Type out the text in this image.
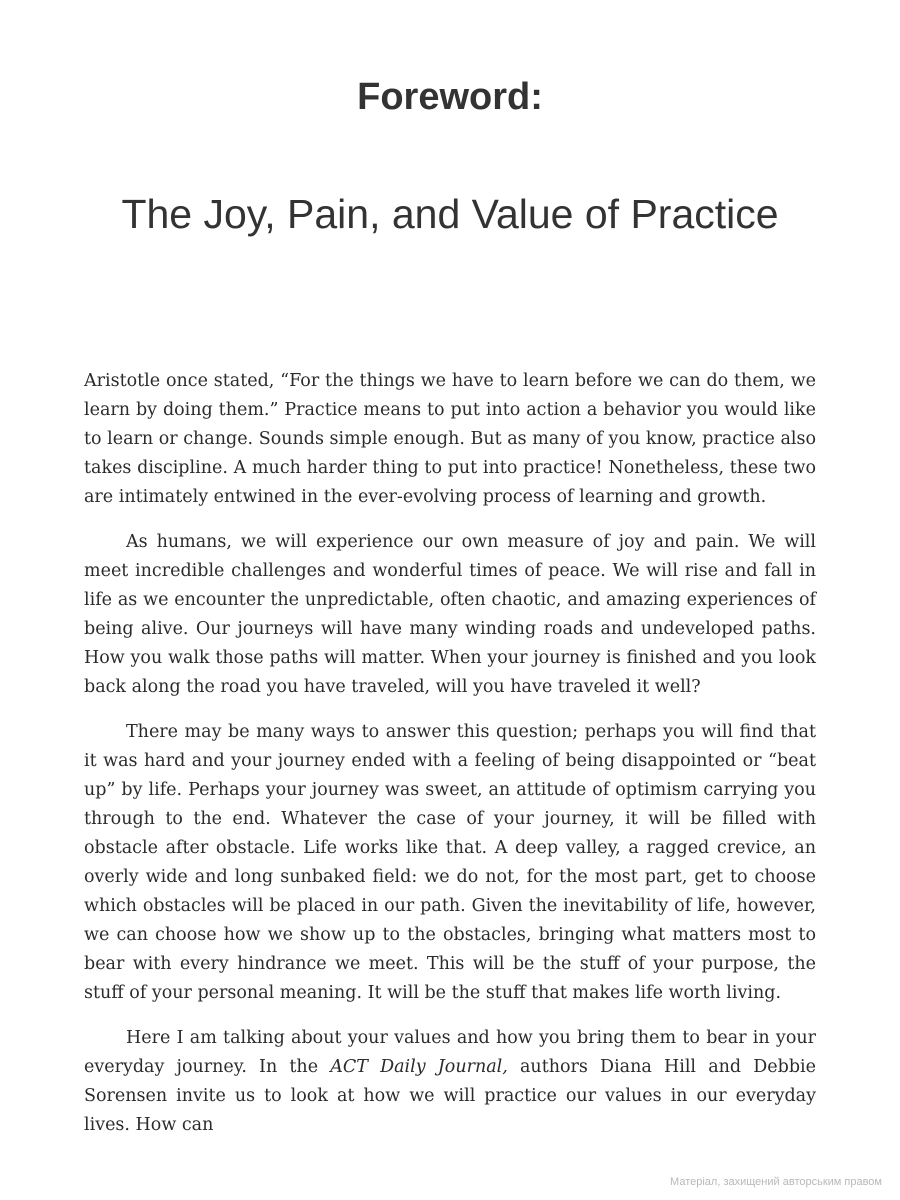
Foreword:
The Joy, Pain, and Value of Practice

Aristotle once stated, “For the things we have to learn before we can do them, we learn by doing them.” Practice means to put into action a behavior you would like to learn or change. Sounds simple enough. But as many of you know, practice also takes discipline. A much harder thing to put into practice! Nonetheless, these two are intimately entwined in the ever-evolving process of learning and growth.

As humans, we will experience our own measure of joy and pain. We will meet incredible challenges and wonderful times of peace. We will rise and fall in life as we encounter the unpredictable, often chaotic, and amazing experiences of being alive. Our journeys will have many winding roads and undeveloped paths. How you walk those paths will matter. When your journey is finished and you look back along the road you have traveled, will you have traveled it well?

There may be many ways to answer this question; perhaps you will find that it was hard and your journey ended with a feeling of being disappointed or “beat up” by life. Perhaps your journey was sweet, an attitude of optimism carrying you through to the end. Whatever the case of your journey, it will be filled with obstacle after obstacle. Life works like that. A deep valley, a ragged crevice, an overly wide and long sunbaked field: we do not, for the most part, get to choose which obstacles will be placed in our path. Given the inevitability of life, however, we can choose how we show up to the obstacles, bringing what matters most to bear with every hindrance we meet. This will be the stuff of your purpose, the stuff of your personal meaning. It will be the stuff that makes life worth living.

Here I am talking about your values and how you bring them to bear in your everyday journey. In the ACT Daily Journal, authors Diana Hill and Debbie Sorensen invite us to look at how we will practice our values in our everyday lives. How can

Матеріал, захищений авторським правом
